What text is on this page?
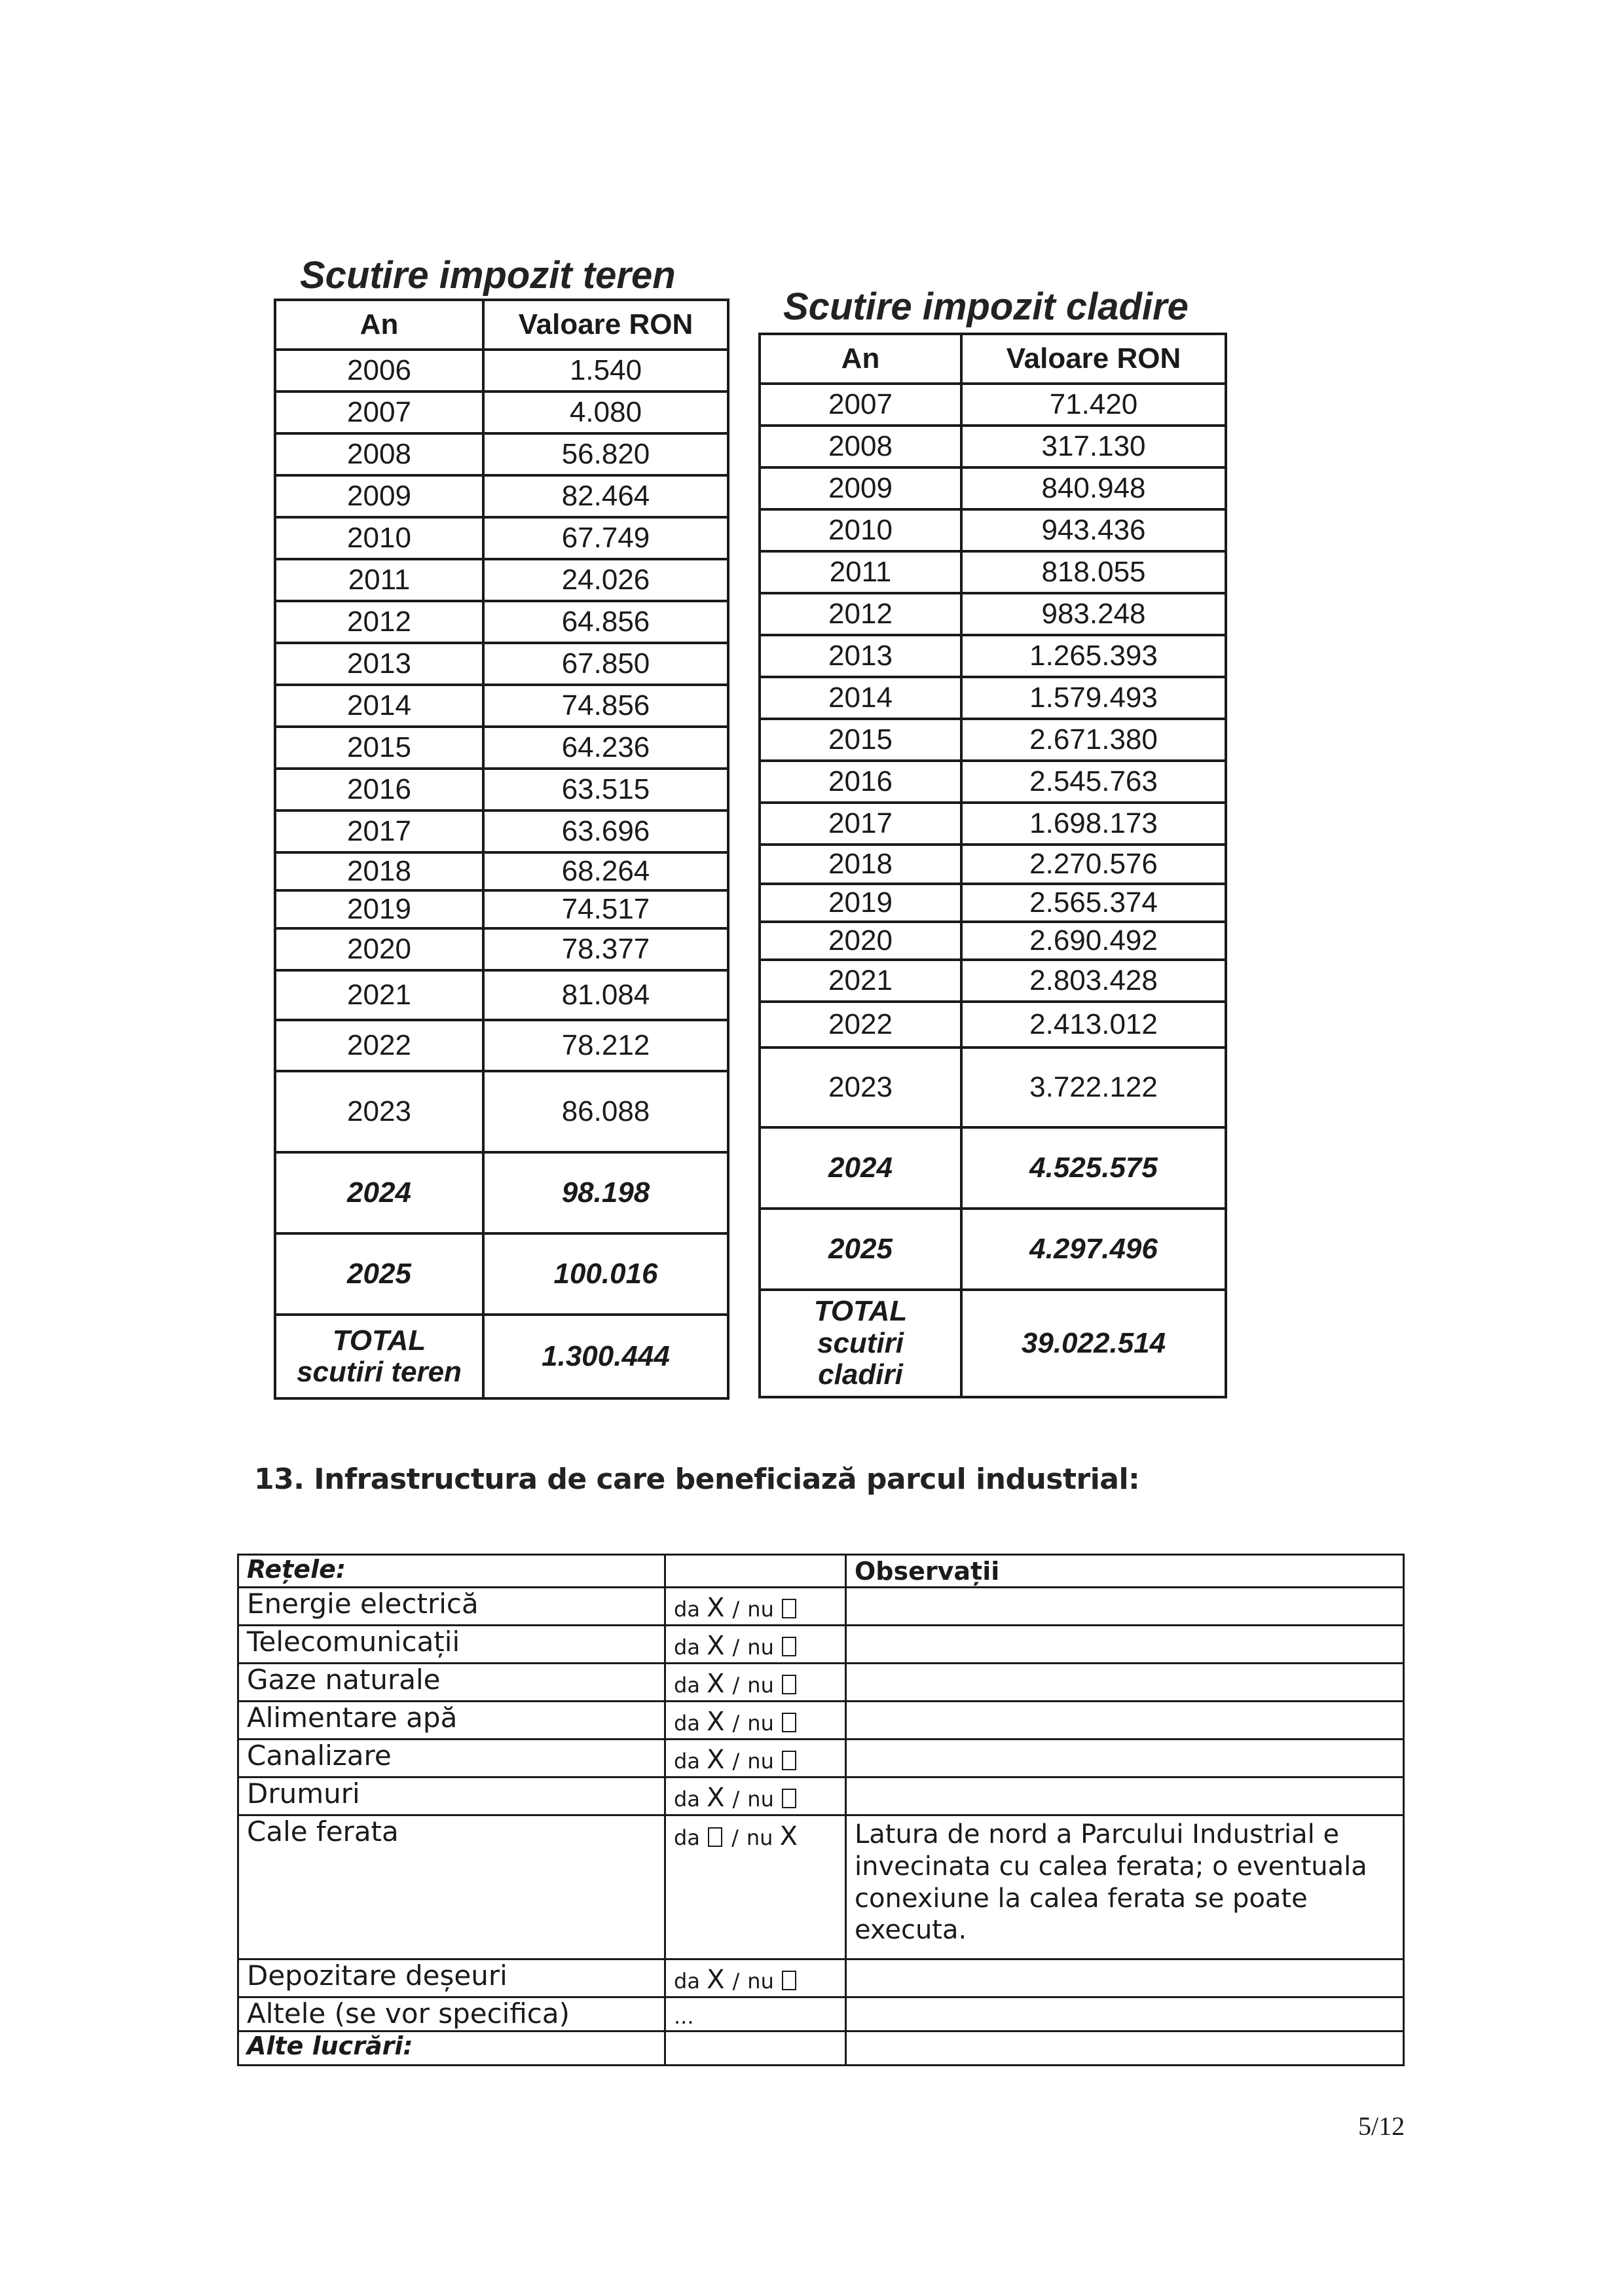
Scutire impozit teren
An	Valoare RON
2006	1.540
2007	4.080
2008	56.820
2009	82.464
2010	67.749
2011	24.026
2012	64.856
2013	67.850
2014	74.856
2015	64.236
2016	63.515
2017	63.696
2018	68.264
2019	74.517
2020	78.377
2021	81.084
2022	78.212
2023	86.088
2024	98.198
2025	100.016

TOTAL
scutiri teren	1.300.444
Scutire impozit cladire
An	Valoare RON
2007	71.420
2008	317.130
2009	840.948
2010	943.436
2011	818.055
2012	983.248
2013	1.265.393
2014	1.579.493
2015	2.671.380
2016	2.545.763
2017	1.698.173
2018	2.270.576
2019	2.565.374
2020	2.690.492
2021	2.803.428
2022	2.413.012
2023	3.722.122
2024	4.525.575
2025	4.297.496

TOTAL
scutiri
cladiri	39.022.514
13. Infrastructura de care beneficiază parcul industrial:
Rețele:		Observații
Energie electrică	da X / nu	
Telecomunicații	da X / nu	
Gaze naturale	da X / nu	
Alimentare apă	da X / nu	
Canalizare	da X / nu	
Drumuri	da X / nu	
Cale ferata	da / nu X	Latura de nord a Parcului Industrial e invecinata cu calea ferata; o eventuala conexiune la calea ferata se poate executa.
Depozitare deșeuri	da X / nu	
Altele (se vor specifica)	...	
Alte lucrări:		
5/12
